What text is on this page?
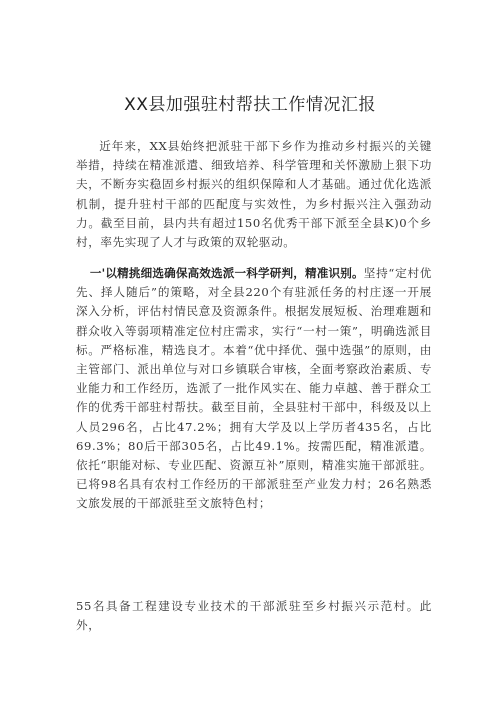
XX县加强驻村帮扶工作情况汇报
近年来，XX县始终把派驻干部下乡作为推动乡村振兴的关键举措，持续在精准派遣、细致培养、科学管理和关怀激励上狠下功夫，不断夯实稳固乡村振兴的组织保障和人才基础。通过优化选派机制，提升驻村干部的匹配度与实效性，为乡村振兴注入强劲动力。截至目前，县内共有超过150名优秀干部下派至全县K)0个乡村，率先实现了人才与政策的双轮驱动。
一'以精挑细选确保高效选派一科学研判，精准识别。坚持“定村优先、择人随后”的策略，对全县220个有驻派任务的村庄逐一开展深入分析，评估村情民意及资源条件。根据发展短板、治理难题和群众收入等弱项精准定位村庄需求，实行“一村一策”，明确选派目标。严格标准，精选良才。本着“优中择优、强中选强”的原则，由主管部门、派出单位与对口乡镇联合审核，全面考察政治素质、专业能力和工作经历，选派了一批作风实在、能力卓越、善于群众工作的优秀干部驻村帮扶。截至目前，全县驻村干部中，科级及以上人员296名，占比47.2%；拥有大学及以上学历者435名，占比69.3%；80后干部305名，占比49.1%。按需匹配，精准派遣。依托“职能对标、专业匹配、资源互补”原则，精准实施干部派驻。已将98名具有农村工作经历的干部派驻至产业发力村；26名熟悉文旅发展的干部派驻至文旅特色村；
55名具备工程建设专业技术的干部派驻至乡村振兴示范村。此外，
